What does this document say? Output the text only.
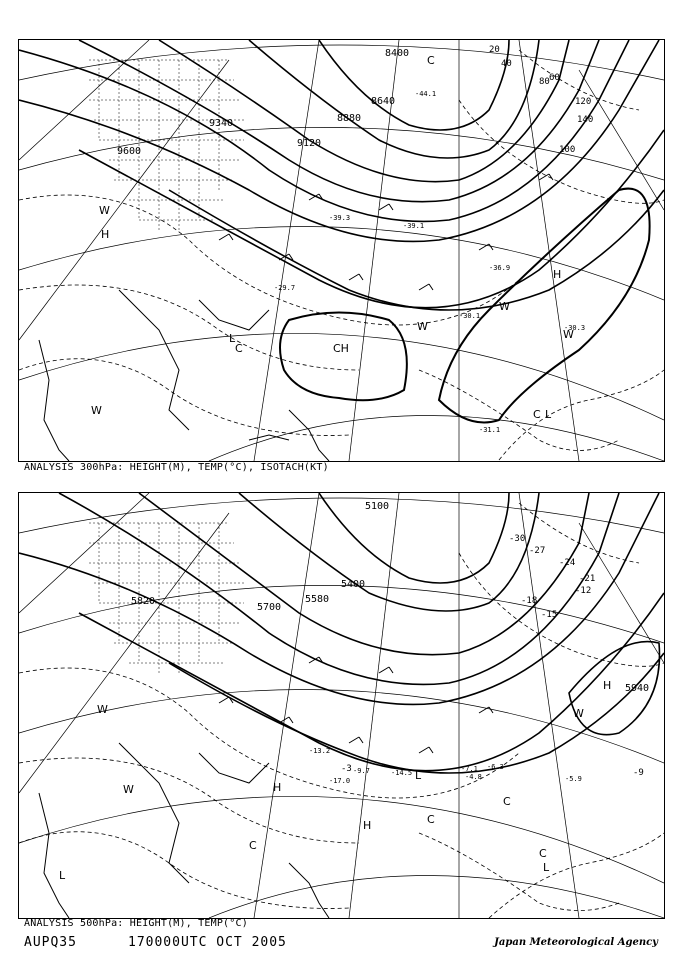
8400
8640
8880
9120
9340
9600
20
40
60
80
100
120
140
H
H
CH
W
W
W
W
L
C
C L
C
W
-31.1
-30.3
-29.7
-30.1
-39.1
-44.1
-39.3
-36.9
ANALYSIS 300hPa: HEIGHT(M), TEMP(°C), ISOTACH(KT)
5100
5400
5580
5700
5820
5940
-30
-27
-24
-21
-18
-15
-12
-9
-3
H
H
H
W
W
W
C
C
C
C
L
L
L
-7.1 -6.3
-5.9
-4.8
-9.7
-13.2
-17.0
-14.5
ANALYSIS 500hPa: HEIGHT(M), TEMP(°C)
AUPQ35	170000UTC OCT 2005	Japan Meteorological Agency
